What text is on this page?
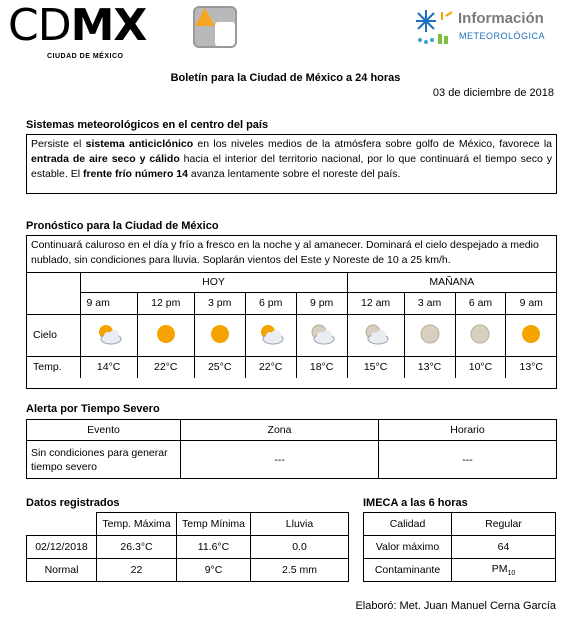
CDMX
CIUDAD DE MÉXICO
Información
METEOROLÓGICA
Boletín para la Ciudad de México a 24 horas
03 de diciembre de 2018
Sistemas meteorológicos en el centro del país
Persiste el sistema anticiclónico en los niveles medios de la atmósfera sobre golfo de México, favorece la entrada de aire seco y cálido hacia el interior del territorio nacional, por lo que continuará el tiempo seco y estable. El frente frío número 14 avanza lentamente sobre el noreste del país.
Pronóstico para la Ciudad de México
Continuará caluroso en el día y frío a fresco en la noche y al amanecer. Dominará el cielo despejado a medio nublado, sin condiciones para lluvia. Soplarán vientos del Este y Noreste de 10 a 25 km/h.
	HOY					MAÑANA			
	9 am	12 pm	3 pm	6 pm	9 pm	12 am	3 am	6 am	9 am
Cielo	

Temp.	14°C	22°C	25°C	22°C	18°C	15°C	13°C	10°C	13°C
Alerta por Tiempo Severo
Evento	Zona	Horario
Sin condiciones para generar tiempo severo	---	---
Datos registrados
	Temp. Máxima	Temp Mínima	Lluvia
02/12/2018	26.3°C	11.6°C	0.0
Normal	22	9°C	2.5 mm
IMECA a las 6 horas
Calidad	Regular
Valor máximo	64
Contaminante	$PM_{10}$
Elaboró: Met. Juan Manuel Cerna García
